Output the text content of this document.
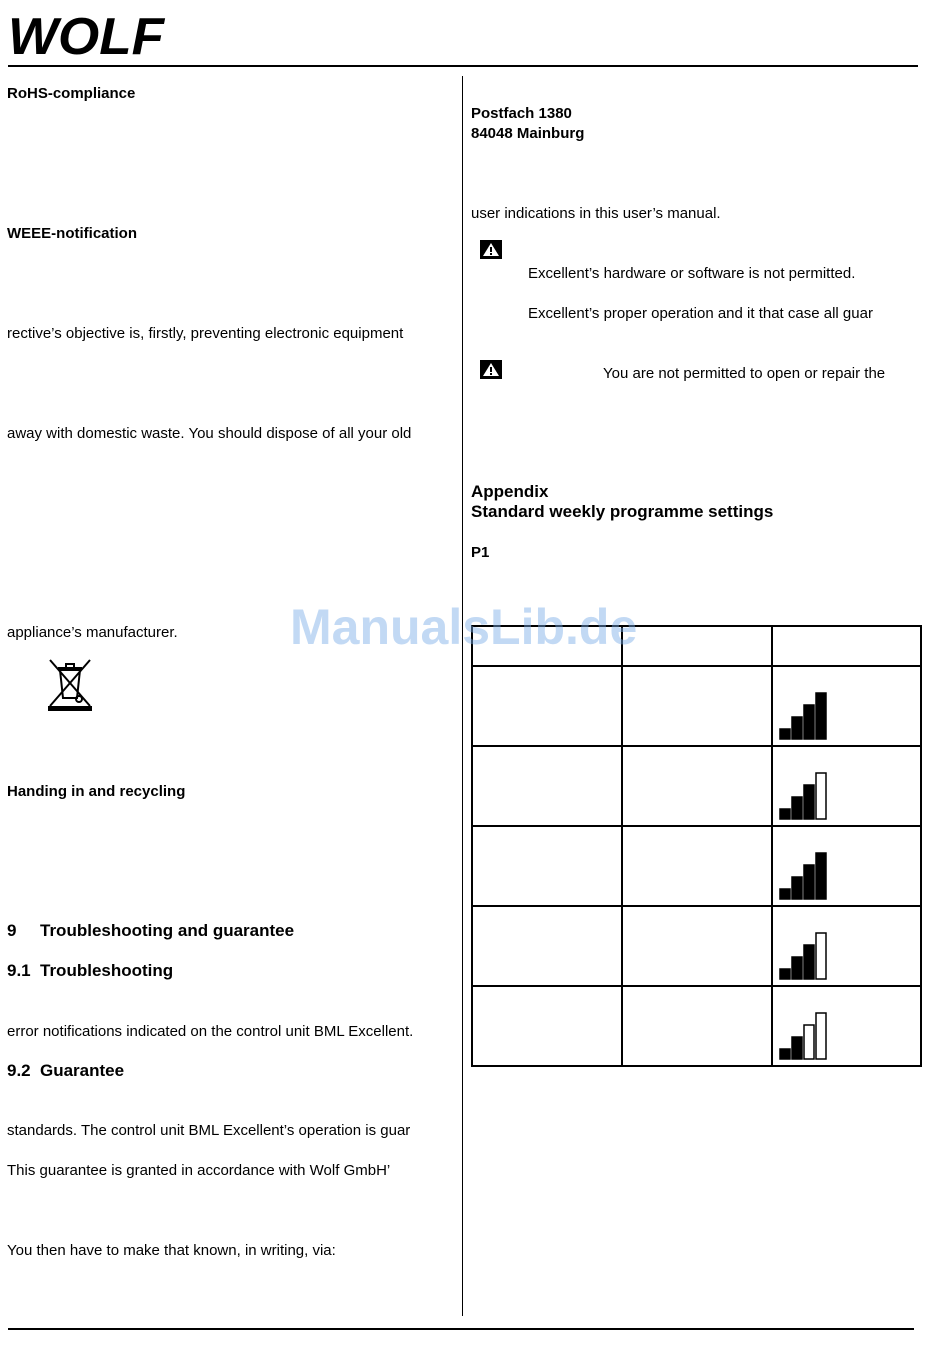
WOLF
RoHS-compliance
WEEE-notification
rective’s objective is, firstly, preventing electronic equipment
away with domestic waste. You should dispose of all your old
appliance’s manufacturer.
Handing in and recycling
9 Troubleshooting and guarantee
9.1 Troubleshooting
error notifications indicated on the control unit BML Excellent.
9.2 Guarantee
standards. The control unit BML Excellent’s operation is guar
This guarantee is granted in accordance with Wolf GmbH’
You then have to make that known, in writing, via:
Postfach 1380
84048 Mainburg
user indications in this user’s manual.
Excellent’s hardware or software is not permitted.
Excellent’s proper operation and it that case all guar
You are not permitted to open or repair the
Appendix
Standard weekly programme settings
P1
ManualsLib.de
